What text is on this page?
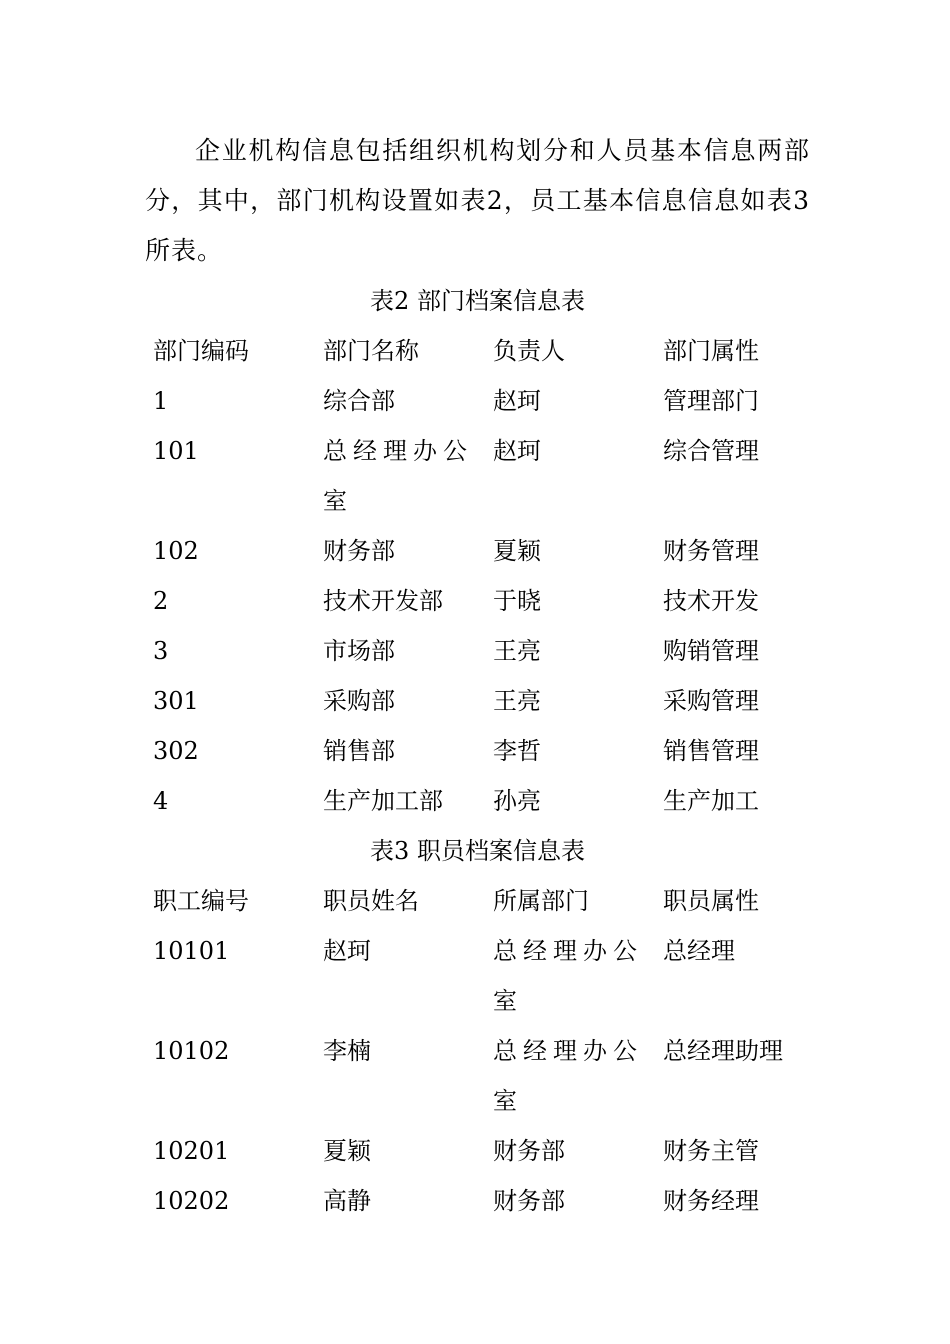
企业机构信息包括组织机构划分和人员基本信息两部分，其中，部门机构设置如表2，员工基本信息信息如表3所表。

表2 部门档案信息表

部门编码	部门名称	负责人	部门属性
1	综合部	赵珂	管理部门
101	总经理办公室	赵珂	综合管理
102	财务部	夏颖	财务管理
2	技术开发部	于晓	技术开发
3	市场部	王亮	购销管理
301	采购部	王亮	采购管理
302	销售部	李哲	销售管理
4	生产加工部	孙亮	生产加工

表3 职员档案信息表

职工编号	职员姓名	所属部门	职员属性
10101	赵珂	总经理办公室	总经理
10102	李楠	总经理办公室	总经理助理
10201	夏颖	财务部	财务主管
10202	高静	财务部	财务经理
